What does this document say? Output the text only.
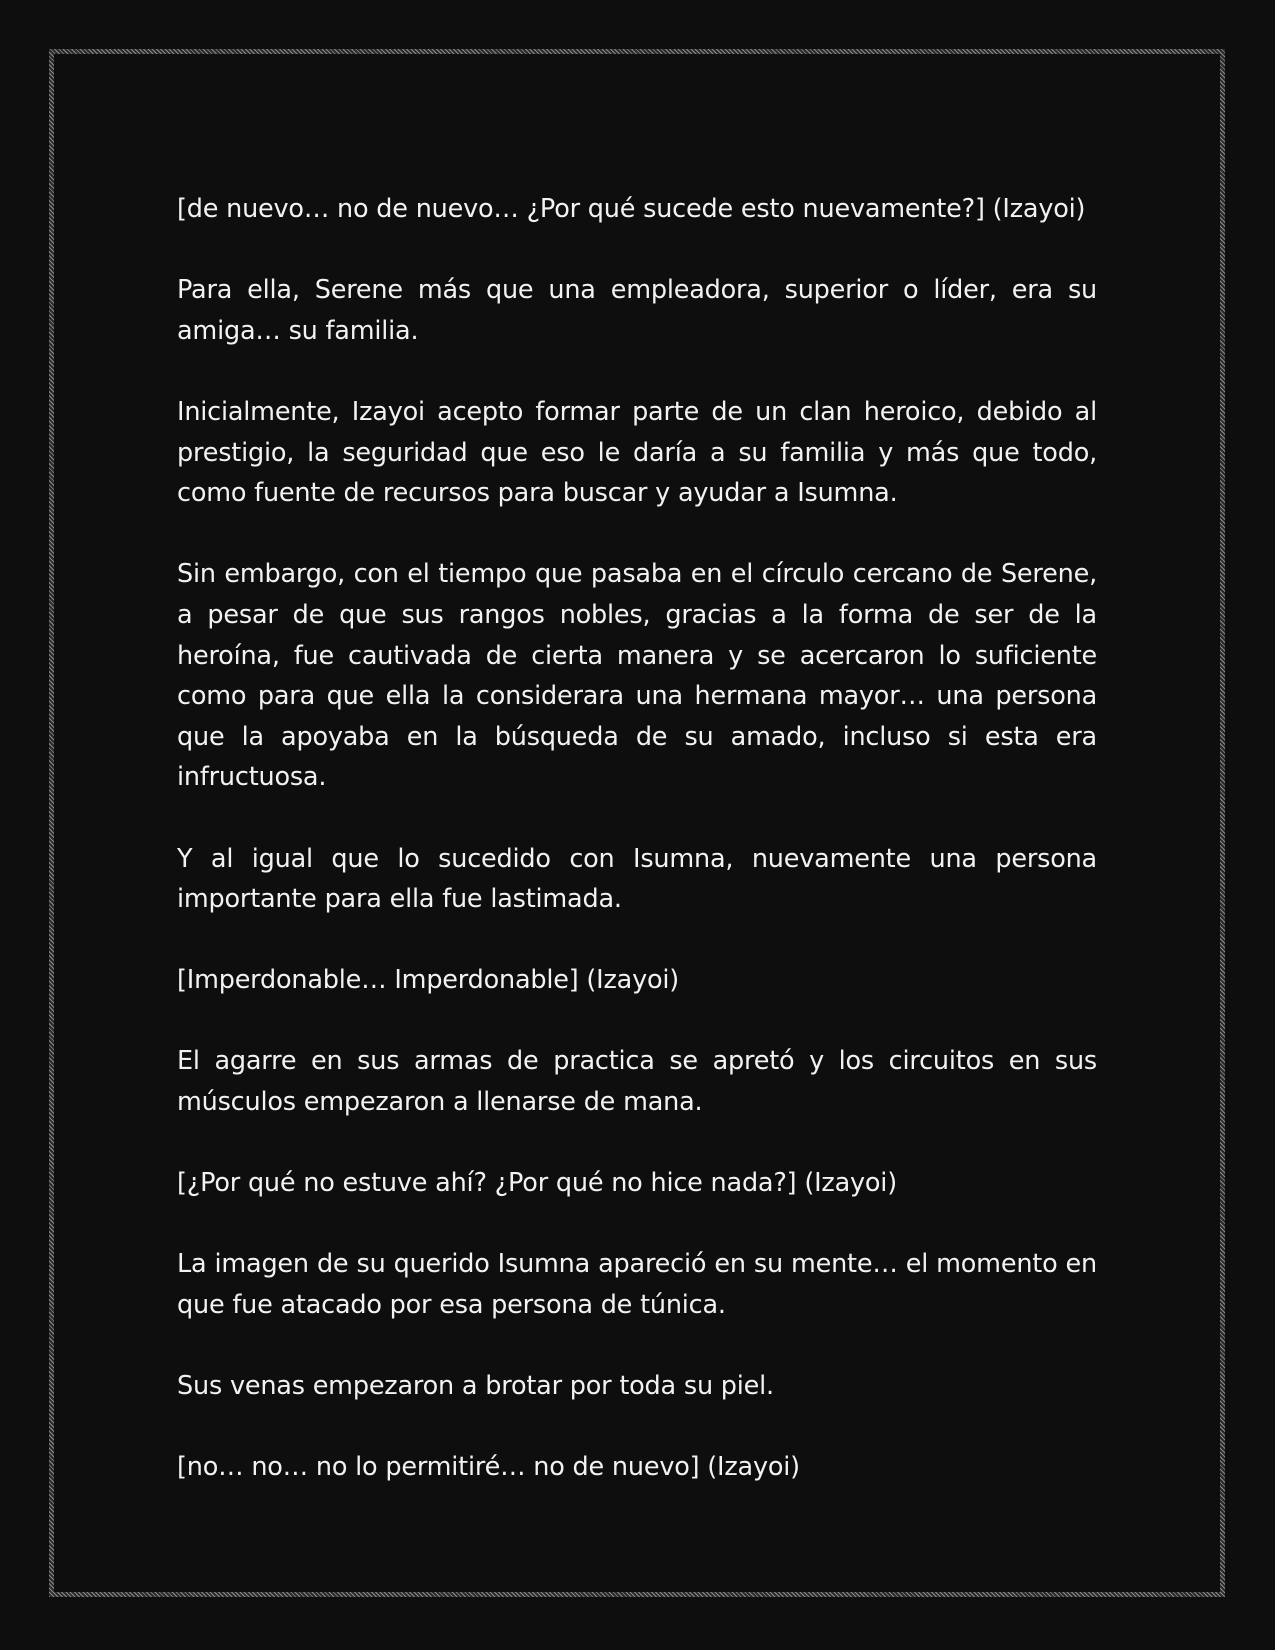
[de nuevo… no de nuevo… ¿Por qué sucede esto nuevamente?] (Izayoi)

Para ella, Serene más que una empleadora, superior o líder, era su amiga… su familia.

Inicialmente, Izayoi acepto formar parte de un clan heroico, debido al prestigio, la seguridad que eso le daría a su familia y más que todo, como fuente de recursos para buscar y ayudar a Isumna.

Sin embargo, con el tiempo que pasaba en el círculo cercano de Serene, a pesar de que sus rangos nobles, gracias a la forma de ser de la heroína, fue cautivada de cierta manera y se acercaron lo suficiente como para que ella la considerara una hermana mayor… una persona que la apoyaba en la búsqueda de su amado, incluso si esta era infructuosa.

Y al igual que lo sucedido con Isumna, nuevamente una persona importante para ella fue lastimada.

[Imperdonable… Imperdonable] (Izayoi)

El agarre en sus armas de practica se apretó y los circuitos en sus músculos empezaron a llenarse de mana.

[¿Por qué no estuve ahí? ¿Por qué no hice nada?] (Izayoi)

La imagen de su querido Isumna apareció en su mente… el momento en que fue atacado por esa persona de túnica.

Sus venas empezaron a brotar por toda su piel.

[no… no… no lo permitiré… no de nuevo] (Izayoi)
